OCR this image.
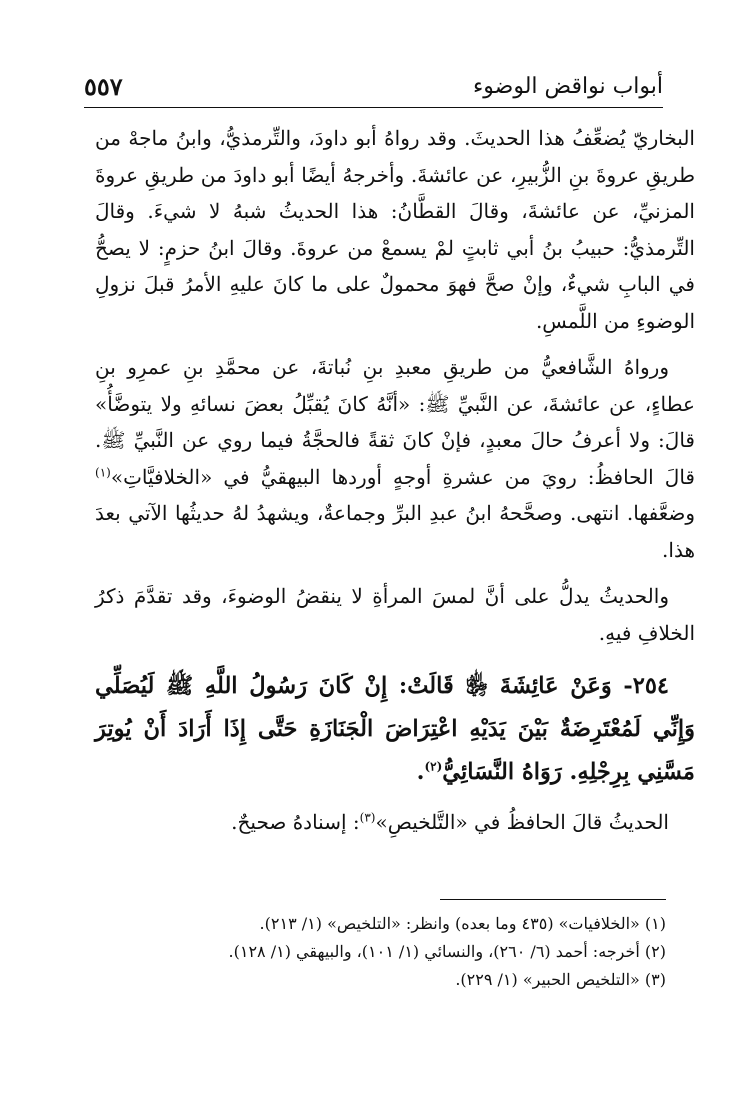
أبواب نواقض الوضوء
٥٥٧

البخاريّ يُضعِّفُ هذا الحديثَ. وقد رواهُ أبو داودَ، والتِّرمذيُّ، وابنُ ماجهْ من طريقِ عروةَ بنِ الزُّبيرِ، عن عائشةَ. وأخرجهُ أيضًا أبو داودَ من طريقِ عروةَ المزنيِّ، عن عائشةَ، وقالَ القطَّانُ: هذا الحديثُ شبهُ لا شيءَ. وقالَ التِّرمذيُّ: حبيبُ بنُ أبي ثابتٍ لمْ يسمعْ من عروةَ. وقالَ ابنُ حزمٍ: لا يصحُّ في البابِ شيءٌ، وإنْ صحَّ فهوَ محمولٌ على ما كانَ عليهِ الأمرُ قبلَ نزولِ الوضوءِ من اللَّمسِ.

ورواهُ الشَّافعيُّ من طريقِ معبدِ بنِ نُباتةَ، عن محمَّدِ بنِ عمرِو بنِ عطاءٍ، عن عائشةَ، عن النَّبيِّ ﷺ: «أنَّهُ كانَ يُقبِّلُ بعضَ نسائهِ ولا يتوضَّأُ» قالَ: ولا أعرفُ حالَ معبدٍ، فإنْ كانَ ثقةً فالحجَّةُ فيما روي عن النَّبيِّ ﷺ. قالَ الحافظُ: رويَ من عشرةِ أوجهٍ أوردها البيهقيُّ في «الخلافيَّاتِ»$^{(١)}$ وضعَّفها. انتهى. وصحَّحهُ ابنُ عبدِ البرِّ وجماعةٌ، ويشهدُ لهُ حديثُها الآتي بعدَ هذا.

والحديثُ يدلُّ على أنَّ لمسَ المرأةِ لا ينقضُ الوضوءَ، وقد تقدَّمَ ذكرُ الخلافِ فيهِ.

٢٥٤- وَعَنْ عَائِشَةَ ﵂ قَالَتْ: إِنْ كَانَ رَسُولُ اللَّهِ ﷺ لَيُصَلِّي وَإِنِّي لَمُعْتَرِضَةٌ بَيْنَ يَدَيْهِ اعْتِرَاضَ الْجَنَازَةِ حَتَّى إِذَا أَرَادَ أَنْ يُوتِرَ مَسَّنِي بِرِجْلِهِ. رَوَاهُ النَّسَائِيُّ$^{(٢)}$.

الحديثُ قالَ الحافظُ في «التَّلخيصِ»$^{(٣)}$: إسنادهُ صحيحٌ.

(١) «الخلافيات» (٤٣٥ وما بعده) وانظر: «التلخيص» (١/ ٢١٣).

(٢) أخرجه: أحمد (٦/ ٢٦٠)، والنسائي (١/ ١٠١)، والبيهقي (١/ ١٢٨).

(٣) «التلخيص الحبير» (١/ ٢٢٩).
